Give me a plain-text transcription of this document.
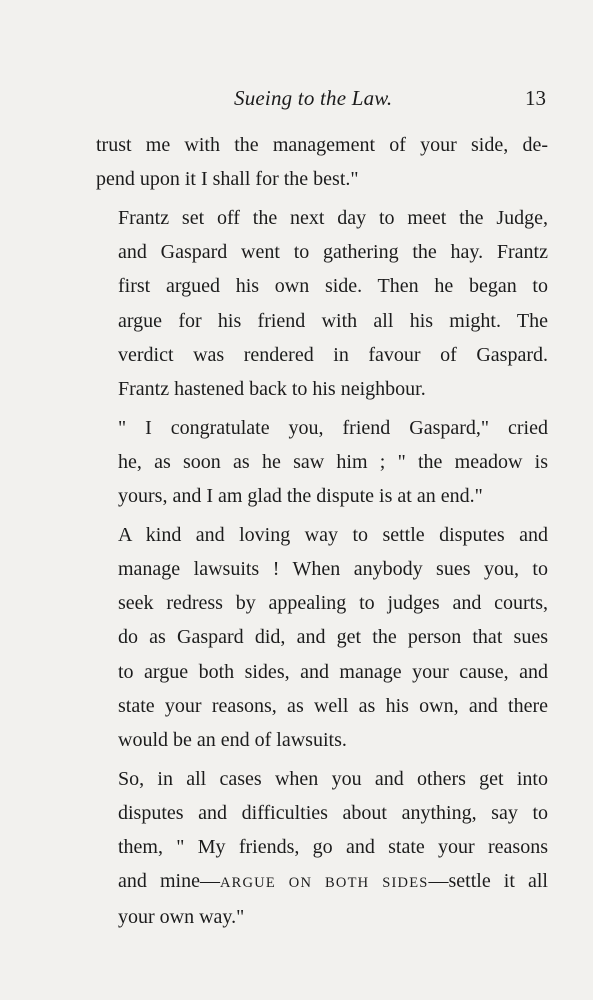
Sueing to the Law.	13

trust me with the management of your side, de-
pend upon it I shall for the best."

Frantz set off the next day to meet the Judge,
and Gaspard went to gathering the hay. Frantz
first argued his own side. Then he began to
argue for his friend with all his might. The
verdict was rendered in favour of Gaspard.
Frantz hastened back to his neighbour.

" I congratulate you, friend Gaspard," cried
he, as soon as he saw him ; " the meadow is
yours, and I am glad the dispute is at an end."

A kind and loving way to settle disputes and
manage lawsuits ! When anybody sues you, to
seek redress by appealing to judges and courts,
do as Gaspard did, and get the person that sues
to argue both sides, and manage your cause, and
state your reasons, as well as his own, and there
would be an end of lawsuits.

So, in all cases when you and others get into
disputes and difficulties about anything, say to
them, " My friends, go and state your reasons
and mine—ARGUE ON BOTH SIDES—settle it all
your own way."
